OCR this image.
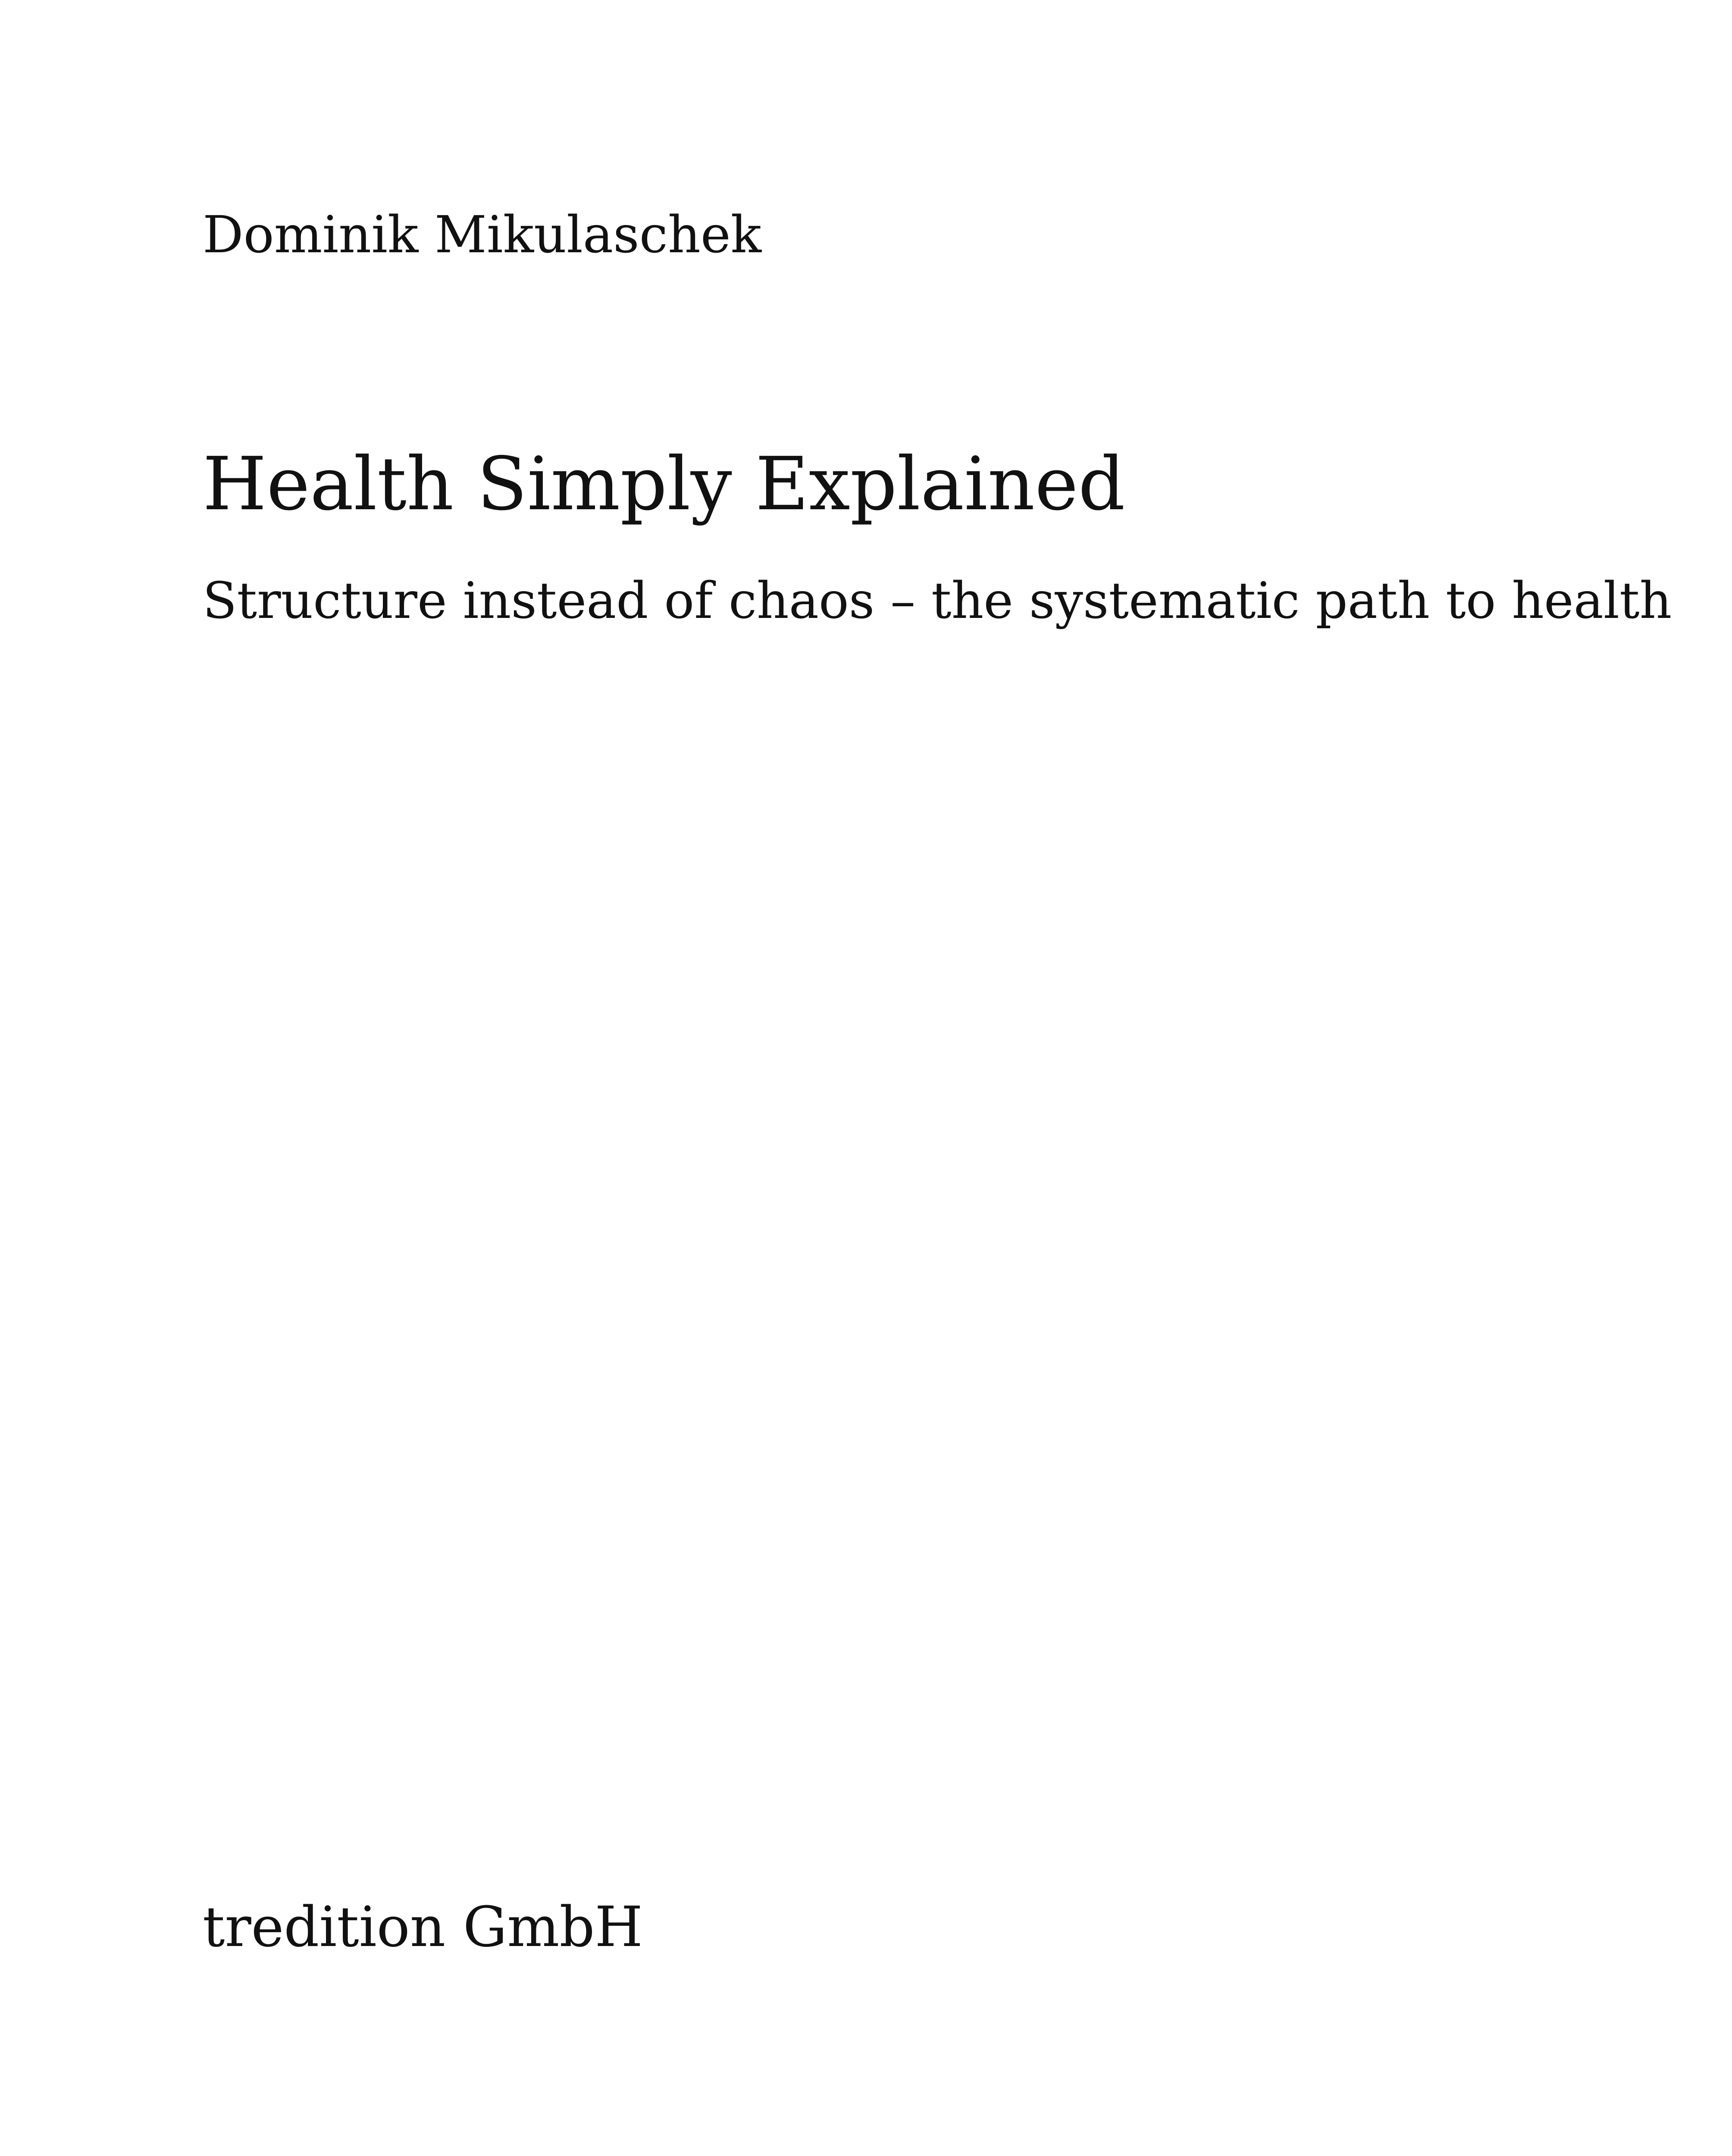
Dominik Mikulaschek
Health Simply Explained
Structure instead of chaos – the systematic path to health
tredition GmbH
